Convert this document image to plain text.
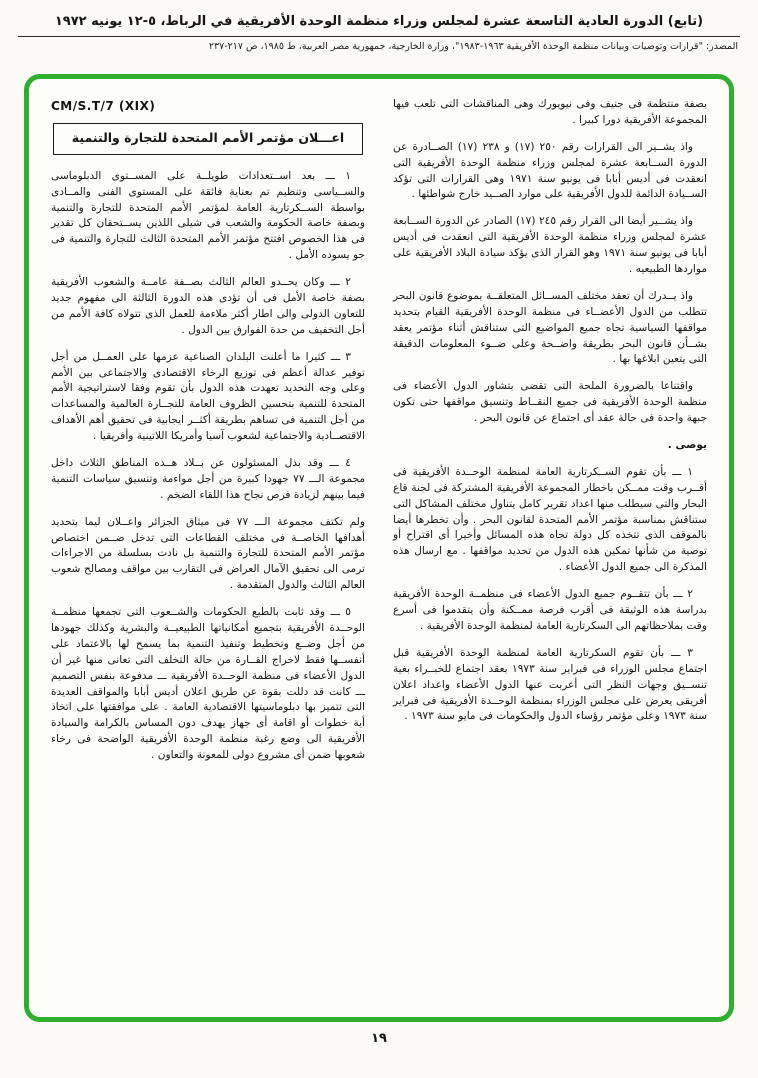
(تابع) الدورة العادية التاسعة عشرة لمجلس وزراء منظمة الوحدة الأفريقية في الرباط، ٥-١٢ يونيه ١٩٧٢
المصدر: "قرارات وتوصيات وبيانات منظمة الوحدة الأفريقية ١٩٦٣-١٩٨٣"، وزارة الخارجية، جمهورية مصر العربية، ط ١٩٨٥، ص ٢١٧-٢٣٧

بصفة منتظمة فى جنيف وفى نيويورك وهى المناقشات التى تلعب فيها المجموعة الأفريقية دورا كبيرا .

واذ يشــير الى القرارات رقم ٢٥٠ (١٧) و ٢٣٨ (١٧) الصــادرة عن الدورة الســابعة عشرة لمجلس وزراء منظمة الوحدة الأفريقية التى انعقدت فى أديس أبابا فى يونيو سنة ١٩٧١ وهى القرارات التى تؤكد الســيادة الدائمة للدول الأفريقية على موارد الصــيد خارج شواطئها .

واذ يشــير أيضا الى القرار رقم ٢٤٥ (١٧) الصادر عن الدورة الســابعة عشرة لمجلس وزراء منظمة الوحدة الأفريقية التى انعقدت فى أديس أبابا فى يونيو سنة ١٩٧١ وهو القرار الذى يؤكد سيادة البلاد الأفريقية على مواردها الطبيعيه .

واذ يــدرك أن تعقد مختلف المســائل المتعلقــة بموضوع قانون البحر تتطلب من الدول الأعضــاء فى منظمة الوحدة الأفريقية القيام بتحديد مواقفها السياسية تجاه جميع المواضيع التى ستناقش أثناء مؤتمر يعقد بشــأن قانون البحر بطريقة واضــحة وعلى ضــوء المعلومات الدقيقة التى يتعين ابلاغها بها .

واقتناعا بالضرورة الملحة التى تقضى بتشاور الدول الأعضاء فى منظمة الوحدة الأفريقية فى جميع النقــاط وتنسيق مواقفها حتى تكون جبهة واحدة فى حالة عقد أى اجتماع عن قانون البحر .

يوصى .

١ ـــ بأن تقوم الســكرتارية العامة لمنظمة الوحــدة الأفريقية فى أقــرب وقت ممــكن باخطار المجموعة الأفريقية المشتركة فى لجنة قاع البحار والتى سيطلب منها اعداد تقرير كامل يتناول مختلف المشاكل التى ستناقش بمناسبة مؤتمر الأمم المتحدة لقانون البحر . وأن تخطرها أيضا بالموقف الذى تتخذه كل دولة تجاه هذه المسائل وأخيرا أى اقتراح أو توصية من شأنها تمكين هذه الدول من تحديد مواقفها . مع ارسال هذه المذكرة الى جميع الدول الأعضاء .

٢ ـــ بأن تتقــوم جميع الدول الأعضاء فى منظمــة الوحدة الأفريقية بدراسة هذه الوثيقة فى أقرب فرصة ممــكنة وأن يتقدموا فى أسرع وقت بملاحظاتهم الى السكرتارية العامة لمنظمة الوحدة الأفريقية .

٣ ـــ بأن تقوم السكرتارية العامة لمنظمة الوحدة الأفريقية قبل اجتماع مجلس الوزراء فى فبراير سنة ١٩٧٣ بعقد اجتماع للخبــراء بغية تنســيق وجهات النظر التى أعربت عنها الدول الأعضاء واعداد اعلان أفريقى يعرض على مجلس الوزراء بمنظمة الوحــدة الأفريقية فى فبراير سنة ١٩٧٣ وعلى مؤتمر رؤساء الدول والحكومات فى مايو سنة ١٩٧٣ .

CM/S.T/7 (XIX)
اعـــلان مؤتمر الأمم المتحدة للتجارة والتنمية

١ ـــ بعد اســتعدادات طويلــة على المســتوى الدبلوماسى والســياسى وتنظيم تم بعناية فائقة على المستوى الفنى والمــادى بواسطة الســكرتارية العامة لمؤتمر الأمم المتحدة للتجارة والتنمية وبصفة خاصة الحكومة والشعب فى شيلى اللذين يســتحقان كل تقدير فى هذا الخصوص افتتح مؤتمر الأمم المتحدة الثالث للتجارة والتنمية فى جو يسوده الأمل .

٢ ـــ وكان يحــدو العالم الثالث بصــفة عامــة والشعوب الأفريقية بصفة خاصة الأمل فى أن تؤدى هذه الدورة الثالثة الى مفهوم جديد للتعاون الدولى والى اطار أكثر ملاءمة للعمل الذى تتولاه كافة الأمم من أجل التخفيف من حدة الفوارق بين الدول .

٣ ـــ كثيرا ما أعلنت البلدان الصناعية عزمها على العمــل من أجل توفير عدالة أعظم فى توزيع الرخاء الاقتصادى والاجتماعى بين الأمم وعلى وجه التحديد تعهدت هذه الدول بأن تقوم وفقا لاستراتيجية الأمم المتحدة للتنمية بتحسين الظروف العامة للتجــارة العالمية والمساعدات من أجل التنمية فى تساهم بطريقة أكثــر ايجابية فى تحقيق أهم الأهداف الاقتصــادية والاجتماعية لشعوب آسيا وأمريكا اللاتينية وأفريقيا .

٤ ـــ وقد بذل المسئولون عن بــلاد هــذه المناطق الثلاث داخل مجموعة الـــ ٧٧ جهودا كبيرة من أجل مواءمة وتنسيق سياسات التنمية فيما بينهم لزيادة فرص نجاح هذا اللقاء الضخم .

ولم تكتف مجموعة الـــ ٧٧ فى ميثاق الجزائر واعــلان ليما بتحديد أهدافها الخاصــة فى مختلف القطاعات التى تدخل ضــمن اختصاص مؤتمر الأمم المتحدة للتجارة والتنمية بل نادت بسلسلة من الاجراءات ترمى الى تحقيق الآمال العراض فى التقارب بين مواقف ومصالح شعوب العالم الثالث والدول المتقدمة .

٥ ـــ وقد ثابت بالطبع الحكومات والشــعوب التى تجمعها منظمــة الوحــدة الأفريقية بتجميع أمكانياتها الطبيعيــة والبشرية وكذلك جهودها من أجل وضــع وتخطيط وتنفيذ التنمية بما يسمح لها بالاعتماد على أنفســها فقط لاخراج القــارة من حالة التخلف التى تعانى منها غير أن الدول الأعضاء فى منظمة الوحــدة الأفريقية ـــ مدفوعة بنفس التصميم ـــ كانت قد دللت بقوة عن طريق اعلان أديس أبابا والمواقف العديدة التى تتميز بها دبلوماسيتها الاقتصادية العامة . على موافقتها على اتخاذ أية خطوات أو اقامة أى جهاز يهدف دون المساس بالكرامة والسيادة الأفريقية الى وضع رغبة منظمة الوحدة الأفريقية الواضحة فى رخاء شعوبها ضمن أى مشروع دولى للمعونة والتعاون .

١٩
